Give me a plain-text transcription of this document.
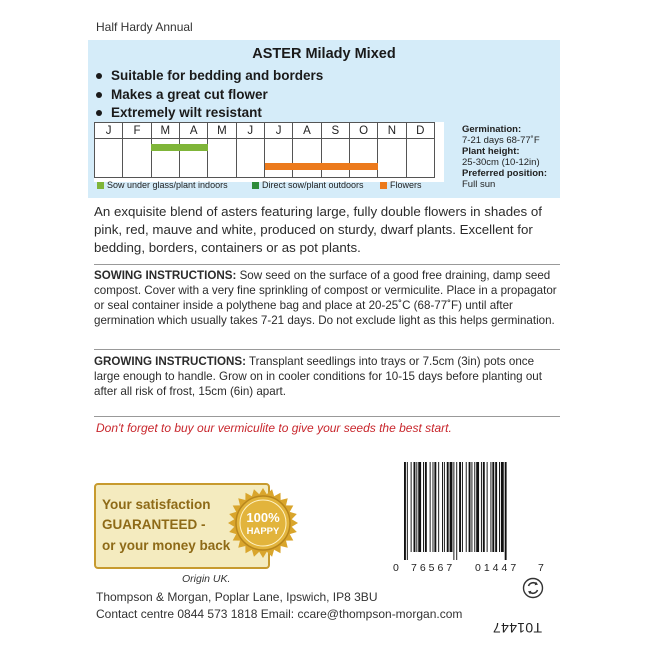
Half Hardy Annual
ASTER Milady Mixed
Suitable for bedding and borders
Makes a great cut flower
Extremely wilt resistant
J	F	M	A	M	J	J	A	S	O	N	D
Sow under glass/plant indoors	Direct sow/plant outdoors	Flowers
Germination:
7-21 days 68-77˚F
Plant height:
25-30cm (10-12in)
Preferred position:
Full sun
An exquisite blend of asters featuring large, fully double flowers in shades of pink, red, mauve and white, produced on sturdy, dwarf plants. Excellent for bedding, borders, containers or as pot plants.
SOWING INSTRUCTIONS: Sow seed on the surface of a good free draining, damp seed compost. Cover with a very fine sprinkling of compost or vermiculite. Place in a propagator or seal container inside a polythene bag and place at 20-25˚C (68-77˚F) until after germination which usually takes 7-21 days. Do not exclude light as this helps germination.
GROWING INSTRUCTIONS: Transplant seedlings into trays or 7.5cm (3in) pots once large enough to handle. Grow on in cooler conditions for 10-15 days before planting out after all risk of frost, 15cm (6in) apart.
Don't forget to buy our vermiculite to give your seeds the best start.
Your satisfaction
GUARANTEED -
or your money back
100%
HAPPY
Origin UK.
Thompson & Morgan, Poplar Lane, Ipswich, IP8 3BU
Contact centre 0844 573 1818 Email: ccare@thompson-morgan.com
0 76567 01447 7
T01447
